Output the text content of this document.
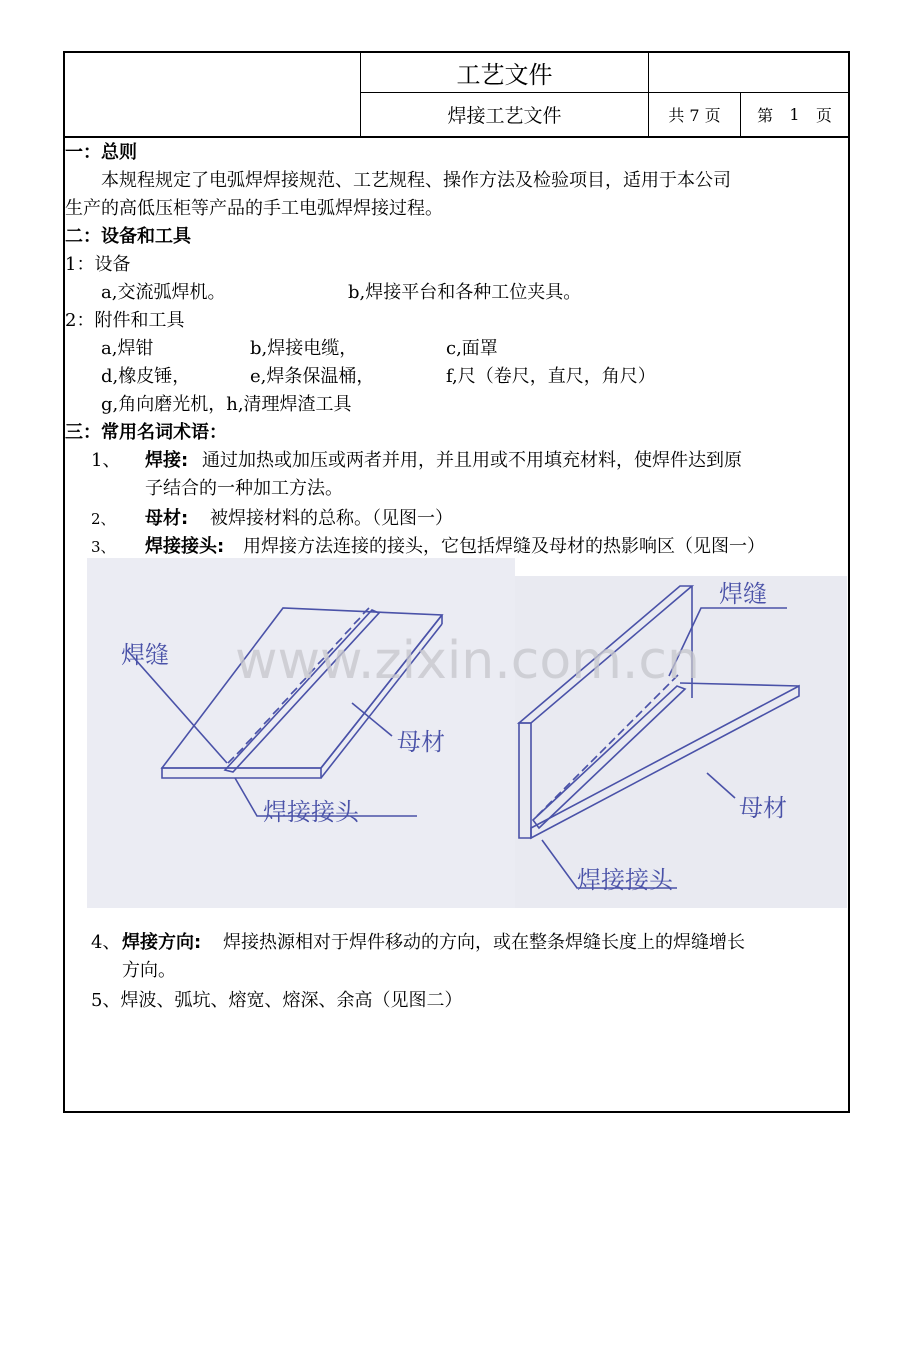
工艺文件
焊接工艺文件	共 7 页	第 1 页
一：总则
本规程规定了电弧焊焊接规范、工艺规程、操作方法及检验项目，适用于本公司
生产的高低压柜等产品的手工电弧焊焊接过程。
二：设备和工具
1：设备
a,交流弧焊机。	b,焊接平台和各种工位夹具。
2：附件和工具
a,焊钳	b,焊接电缆，	c,面罩
d,橡皮锤，	e,焊条保温桶，	f,尺（卷尺，直尺，角尺）
g,角向磨光机，h,清理焊渣工具
三：常用名词术语：
1、 焊接: 通过加热或加压或两者并用，并且用或不用填充材料，使焊件达到原
子结合的一种加工方法。
2、 母材: 被焊接材料的总称。（见图一）
3、 焊接接头: 用焊接方法连接的接头，它包括焊缝及母材的热影响区（见图一）
4、 焊接方向: 焊接热源相对于焊件移动的方向，或在整条焊缝长度上的焊缝增长
方向。
5、焊波、弧坑、熔宽、熔深、余高（见图二）
www.zixin.com.cn
焊缝
母材
焊接接头
焊缝
母材
焊接接头
